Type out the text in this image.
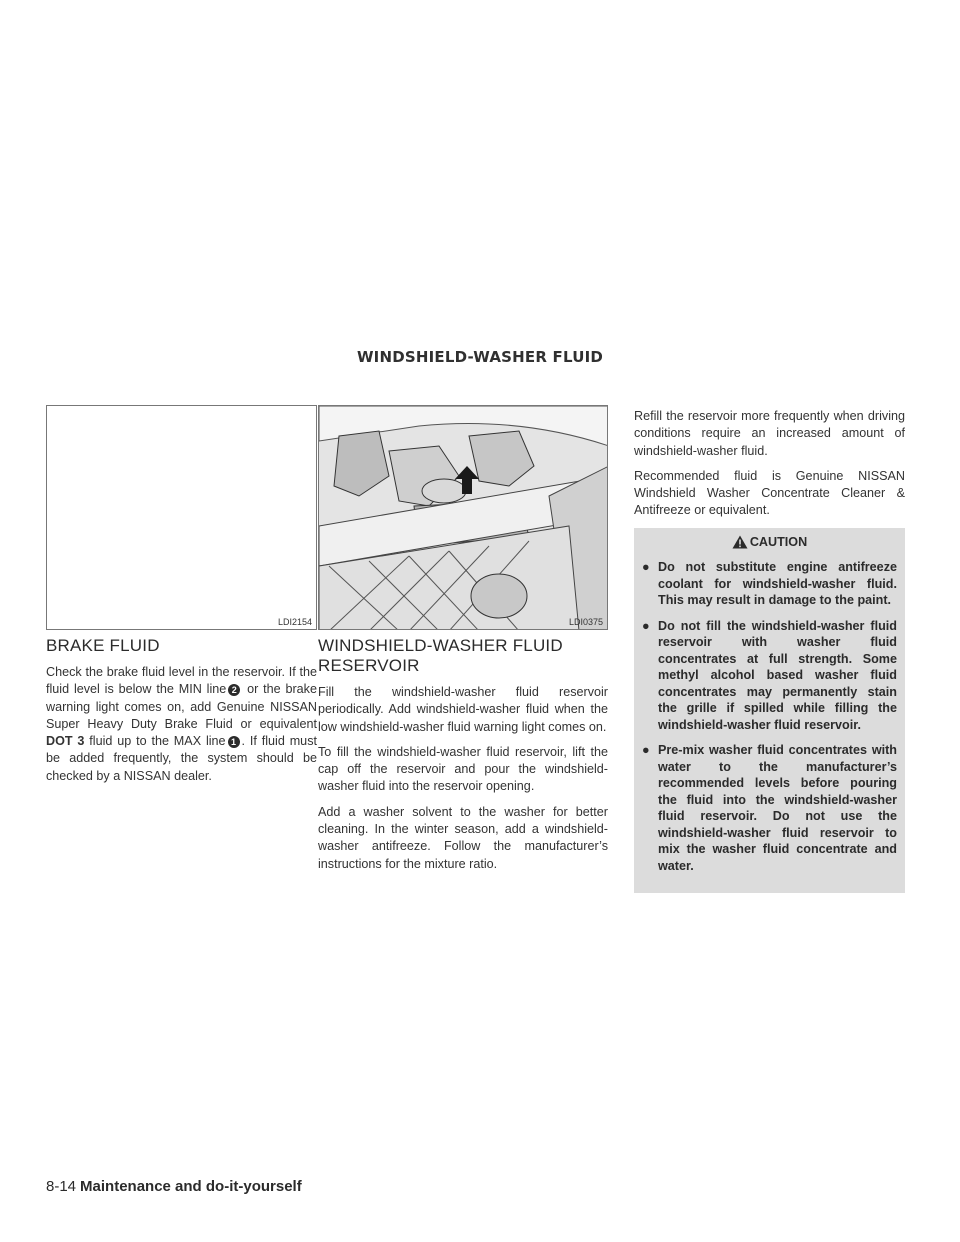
WINDSHIELD-WASHER FLUID
LDI2154	LDI0375
BRAKE FLUID

Check the brake fluid level in the reservoir. If the fluid level is below the MIN line 2 or the brake warning light comes on, add Genuine NISSAN Super Heavy Duty Brake Fluid or equivalent DOT 3 fluid up to the MAX line 1 . If fluid must be added frequently, the system should be checked by a NISSAN dealer.

WINDSHIELD-WASHER FLUID RESERVOIR

Fill the windshield-washer fluid reservoir periodically. Add windshield-washer fluid when the low windshield-washer fluid warning light comes on.

To fill the windshield-washer fluid reservoir, lift the cap off the reservoir and pour the windshield-washer fluid into the reservoir opening.

Add a washer solvent to the washer for better cleaning. In the winter season, add a windshield-washer antifreeze. Follow the manufacturer’s instructions for the mixture ratio.

Refill the reservoir more frequently when driving conditions require an increased amount of windshield-washer fluid.

Recommended fluid is Genuine NISSAN Windshield Washer Concentrate Cleaner & Antifreeze or equivalent.

CAUTION
● Do not substitute engine antifreeze coolant for windshield-washer fluid. This may result in damage to the paint.
● Do not fill the windshield-washer fluid reservoir with washer fluid concentrates at full strength. Some methyl alcohol based washer fluid concentrates may permanently stain the grille if spilled while filling the windshield-washer fluid reservoir.
● Pre-mix washer fluid concentrates with water to the manufacturer’s recommended levels before pouring the fluid into the windshield-washer fluid reservoir. Do not use the windshield-washer fluid reservoir to mix the washer fluid concentrate and water.
8-14 Maintenance and do-it-yourself
